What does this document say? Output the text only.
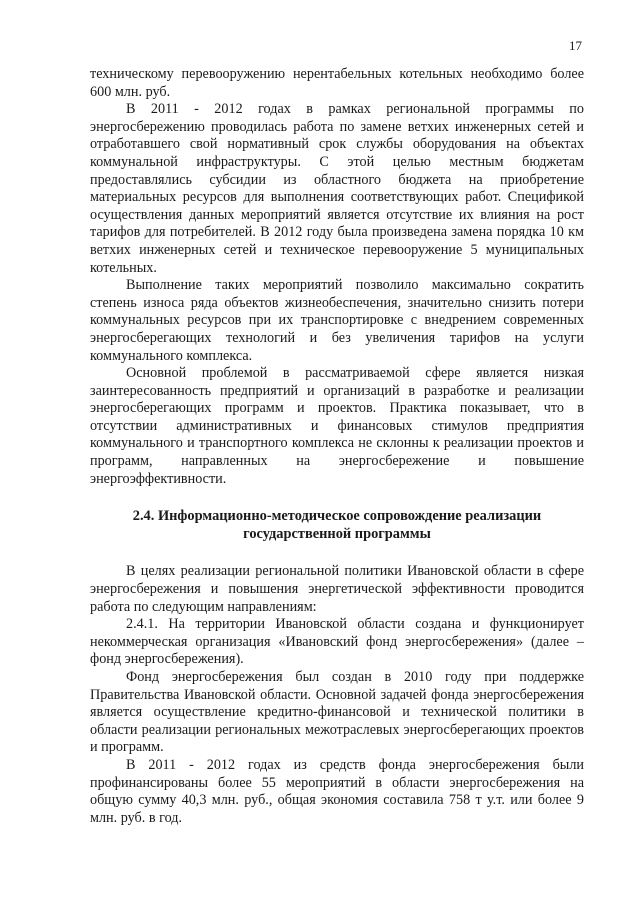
17

техническому перевооружению нерентабельных котельных необходимо более 600 млн. руб.

В 2011 - 2012 годах в рамках региональной программы по энергосбережению проводилась работа по замене ветхих инженерных сетей и отработавшего свой нормативный срок службы оборудования на объектах коммунальной инфраструктуры. С этой целью местным бюджетам предоставлялись субсидии из областного бюджета на приобретение материальных ресурсов для выполнения соответствующих работ. Спецификой осуществления данных мероприятий является отсутствие их влияния на рост тарифов для потребителей. В 2012 году была произведена замена порядка 10 км ветхих инженерных сетей и техническое перевооружение 5 муниципальных котельных.

Выполнение таких мероприятий позволило максимально сократить степень износа ряда объектов жизнеобеспечения, значительно снизить потери коммунальных ресурсов при их транспортировке с внедрением современных энергосберегающих технологий и без увеличения тарифов на услуги коммунального комплекса.

Основной проблемой в рассматриваемой сфере является низкая заинтересованность предприятий и организаций в разработке и реализации энергосберегающих программ и проектов. Практика показывает, что в отсутствии административных и финансовых стимулов предприятия коммунального и транспортного комплекса не склонны к реализации проектов и программ, направленных на энергосбережение и повышение энергоэффективности.

2.4. Информационно-методическое сопровождение реализации
государственной программы

В целях реализации региональной политики Ивановской области в сфере энергосбережения и повышения энергетической эффективности проводится работа по следующим направлениям:

2.4.1. На территории Ивановской области создана и функционирует некоммерческая организация «Ивановский фонд энергосбережения» (далее – фонд энергосбережения).

Фонд энергосбережения был создан в 2010 году при поддержке Правительства Ивановской области. Основной задачей фонда энергосбережения является осуществление кредитно-финансовой и технической политики в области реализации региональных межотраслевых энергосберегающих проектов и программ.

В 2011 - 2012 годах из средств фонда энергосбережения были профинансированы более 55 мероприятий в области энергосбережения на общую сумму 40,3 млн. руб., общая экономия составила 758 т у.т. или более 9 млн. руб. в год.
